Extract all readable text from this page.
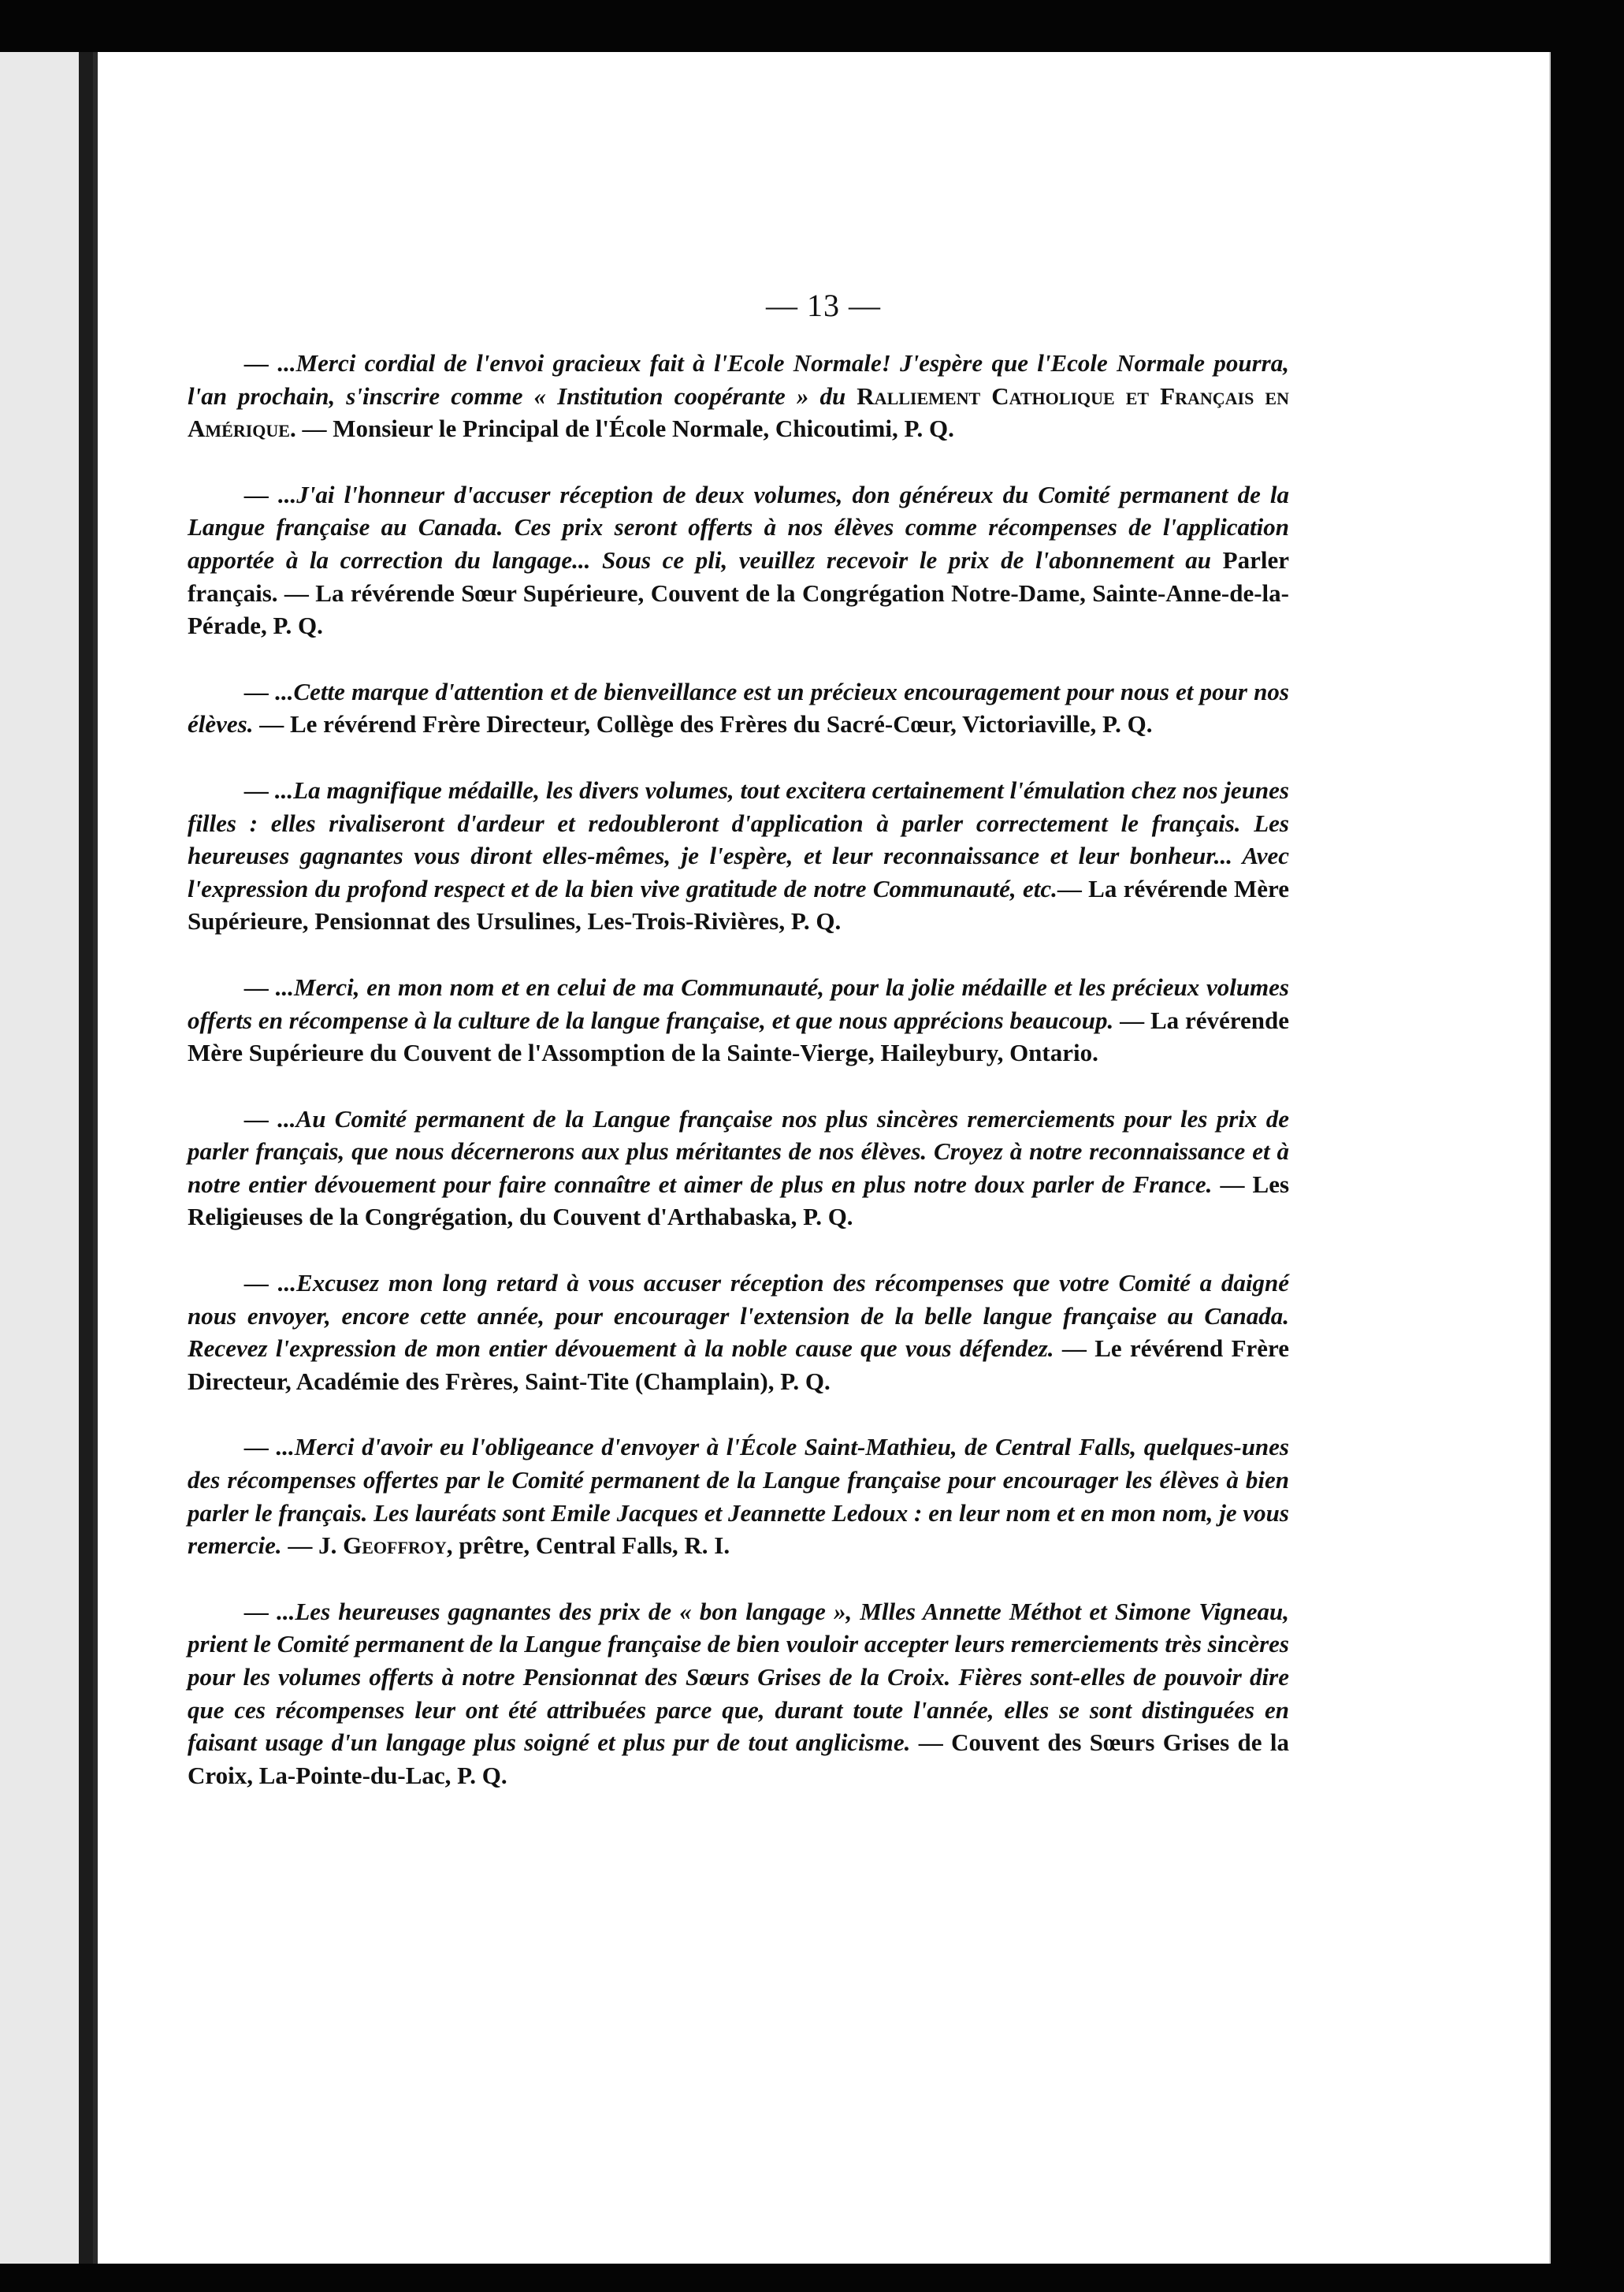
— 13 —

— ...Merci cordial de l'envoi gracieux fait à l'Ecole Normale! J'espère que l'Ecole Normale pourra, l'an prochain, s'inscrire comme « Institution coopérante » du Ralliement Catholique et Français en Amérique. — Monsieur le Principal de l'École Normale, Chicoutimi, P. Q.

— ...J'ai l'honneur d'accuser réception de deux volumes, don généreux du Comité permanent de la Langue française au Canada. Ces prix seront offerts à nos élèves comme récompenses de l'application apportée à la correction du langage... Sous ce pli, veuillez recevoir le prix de l'abonnement au Parler français. — La révérende Sœur Supérieure, Couvent de la Congrégation Notre-Dame, Sainte-Anne-de-la-Pérade, P. Q.

— ...Cette marque d'attention et de bienveillance est un précieux encouragement pour nous et pour nos élèves. — Le révérend Frère Directeur, Collège des Frères du Sacré-Cœur, Victoriaville, P. Q.

— ...La magnifique médaille, les divers volumes, tout excitera certainement l'émulation chez nos jeunes filles : elles rivaliseront d'ardeur et redoubleront d'application à parler correctement le français. Les heureuses gagnantes vous diront elles-mêmes, je l'espère, et leur reconnaissance et leur bonheur... Avec l'expression du profond respect et de la bien vive gratitude de notre Communauté, etc.— La révérende Mère Supérieure, Pensionnat des Ursulines, Les-Trois-Rivières, P. Q.

— ...Merci, en mon nom et en celui de ma Communauté, pour la jolie médaille et les précieux volumes offerts en récompense à la culture de la langue française, et que nous apprécions beaucoup. — La révérende Mère Supérieure du Couvent de l'Assomption de la Sainte-Vierge, Haileybury, Ontario.

— ...Au Comité permanent de la Langue française nos plus sincères remerciements pour les prix de parler français, que nous décernerons aux plus méritantes de nos élèves. Croyez à notre reconnaissance et à notre entier dévouement pour faire connaître et aimer de plus en plus notre doux parler de France. — Les Religieuses de la Congrégation, du Couvent d'Arthabaska, P. Q.

— ...Excusez mon long retard à vous accuser réception des récompenses que votre Comité a daigné nous envoyer, encore cette année, pour encourager l'extension de la belle langue française au Canada. Recevez l'expression de mon entier dévouement à la noble cause que vous défendez. — Le révérend Frère Directeur, Académie des Frères, Saint-Tite (Champlain), P. Q.

— ...Merci d'avoir eu l'obligeance d'envoyer à l'École Saint-Mathieu, de Central Falls, quelques-unes des récompenses offertes par le Comité permanent de la Langue française pour encourager les élèves à bien parler le français. Les lauréats sont Emile Jacques et Jeannette Ledoux : en leur nom et en mon nom, je vous remercie. — J. Geoffroy, prêtre, Central Falls, R. I.

— ...Les heureuses gagnantes des prix de « bon langage », Mlles Annette Méthot et Simone Vigneau, prient le Comité permanent de la Langue française de bien vouloir accepter leurs remerciements très sincères pour les volumes offerts à notre Pensionnat des Sœurs Grises de la Croix. Fières sont-elles de pouvoir dire que ces récompenses leur ont été attribuées parce que, durant toute l'année, elles se sont distinguées en faisant usage d'un langage plus soigné et plus pur de tout anglicisme. — Couvent des Sœurs Grises de la Croix, La-Pointe-du-Lac, P. Q.
